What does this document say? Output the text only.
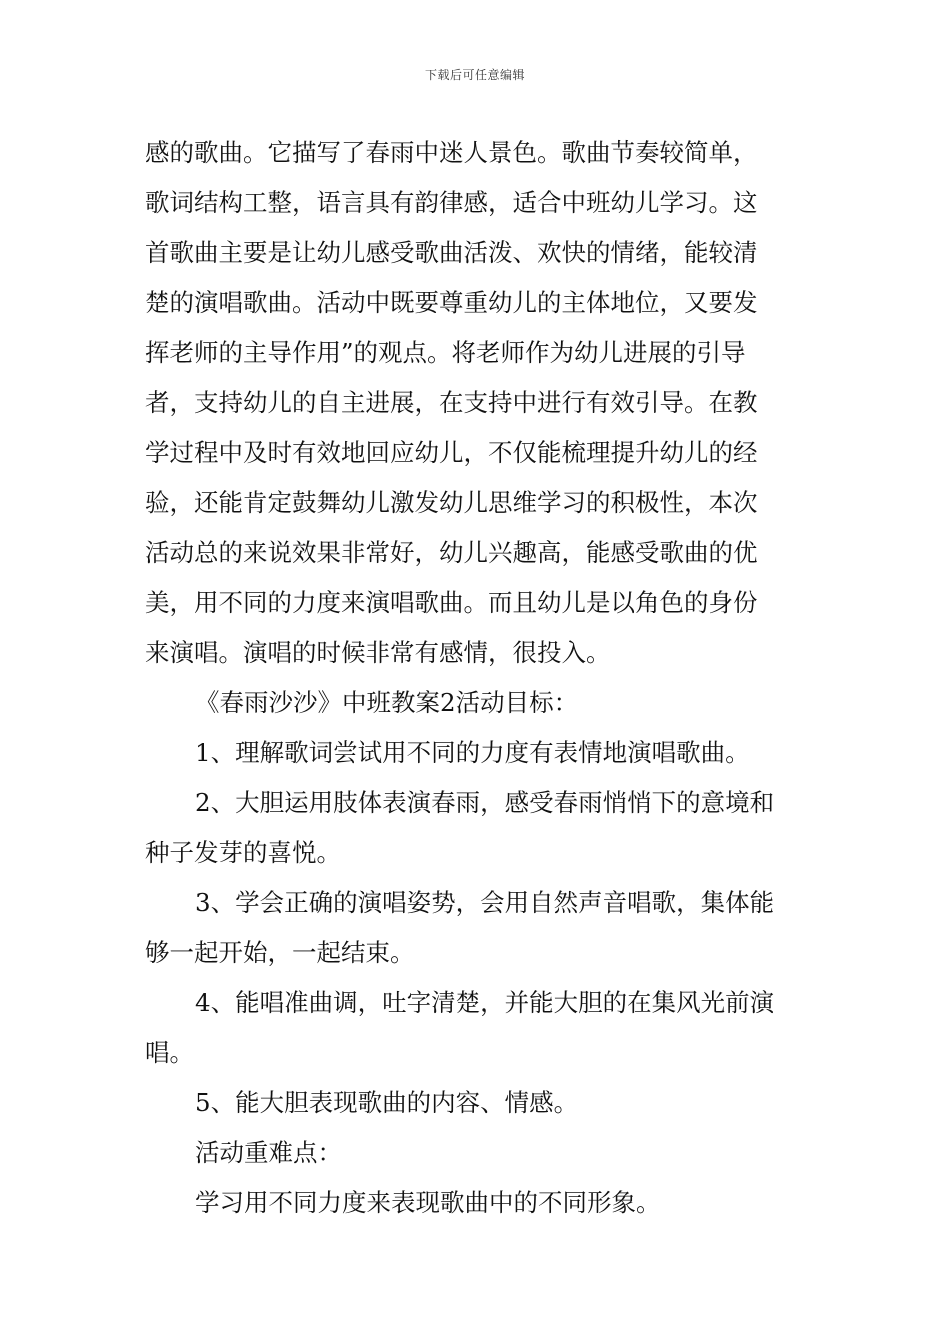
下载后可任意编辑
感的歌曲。它描写了春雨中迷人景色。歌曲节奏较简单，
歌词结构工整，语言具有韵律感，适合中班幼儿学习。这
首歌曲主要是让幼儿感受歌曲活泼、欢快的情绪，能较清
楚的演唱歌曲。活动中既要尊重幼儿的主体地位，又要发
挥老师的主导作用”的观点。将老师作为幼儿进展的引导
者，支持幼儿的自主进展，在支持中进行有效引导。在教
学过程中及时有效地回应幼儿，不仅能梳理提升幼儿的经
验，还能肯定鼓舞幼儿激发幼儿思维学习的积极性，本次
活动总的来说效果非常好，幼儿兴趣高，能感受歌曲的优
美，用不同的力度来演唱歌曲。而且幼儿是以角色的身份
来演唱。演唱的时候非常有感情，很投入。
《春雨沙沙》中班教案2活动目标：
1、理解歌词尝试用不同的力度有表情地演唱歌曲。
2、大胆运用肢体表演春雨，感受春雨悄悄下的意境和
种子发芽的喜悦。
3、学会正确的演唱姿势，会用自然声音唱歌，集体能
够一起开始，一起结束。
4、能唱准曲调，吐字清楚，并能大胆的在集风光前演
唱。
5、能大胆表现歌曲的内容、情感。
活动重难点：
学习用不同力度来表现歌曲中的不同形象。
